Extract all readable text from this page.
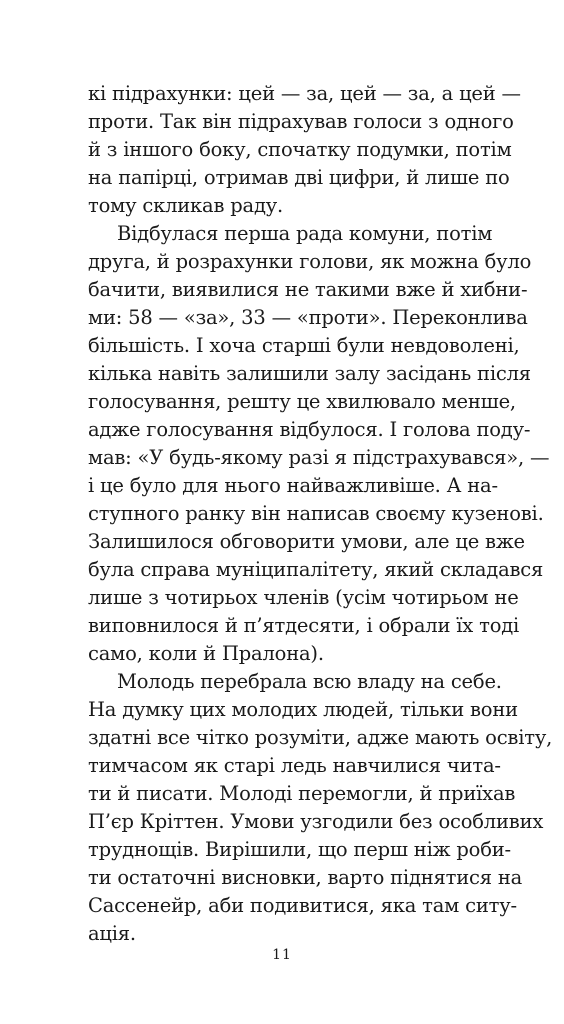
кі підрахунки: цей — за, цей — за, а цей —
проти. Так він підрахував голоси з одного
й з іншого боку, спочатку подумки, потім
на папірці, отримав дві цифри, й лише по
тому скликав раду.
Відбулася перша рада комуни, потім
друга, й розрахунки голови, як можна було
бачити, виявилися не такими вже й хибни-
ми: 58 — «за», 33 — «проти». Переконлива
більшість. І хоча старші були невдоволені,
кілька навіть залишили залу засідань після
голосування, решту це хвилювало менше,
адже голосування відбулося. І голова поду-
мав: «У будь-якому разі я підстрахувався», —
і це було для нього найважливіше. А на-
ступного ранку він написав своєму кузенові.
Залишилося обговорити умови, але це вже
була справа муніципалітету, який складався
лише з чотирьох членів (усім чотирьом не
виповнилося й п’ятдесяти, і обрали їх тоді
само, коли й Пралона).
Молодь перебрала всю владу на себе.
На думку цих молодих людей, тільки вони
здатні все чітко розуміти, адже мають освіту,
тимчасом як старі ледь навчилися чита-
ти й писати. Молоді перемогли, й приїхав
П’єр Кріттен. Умови узгодили без особливих
труднощів. Вирішили, що перш ніж роби-
ти остаточні висновки, варто піднятися на
Сассенейр, аби подивитися, яка там ситу-
ація.
11
